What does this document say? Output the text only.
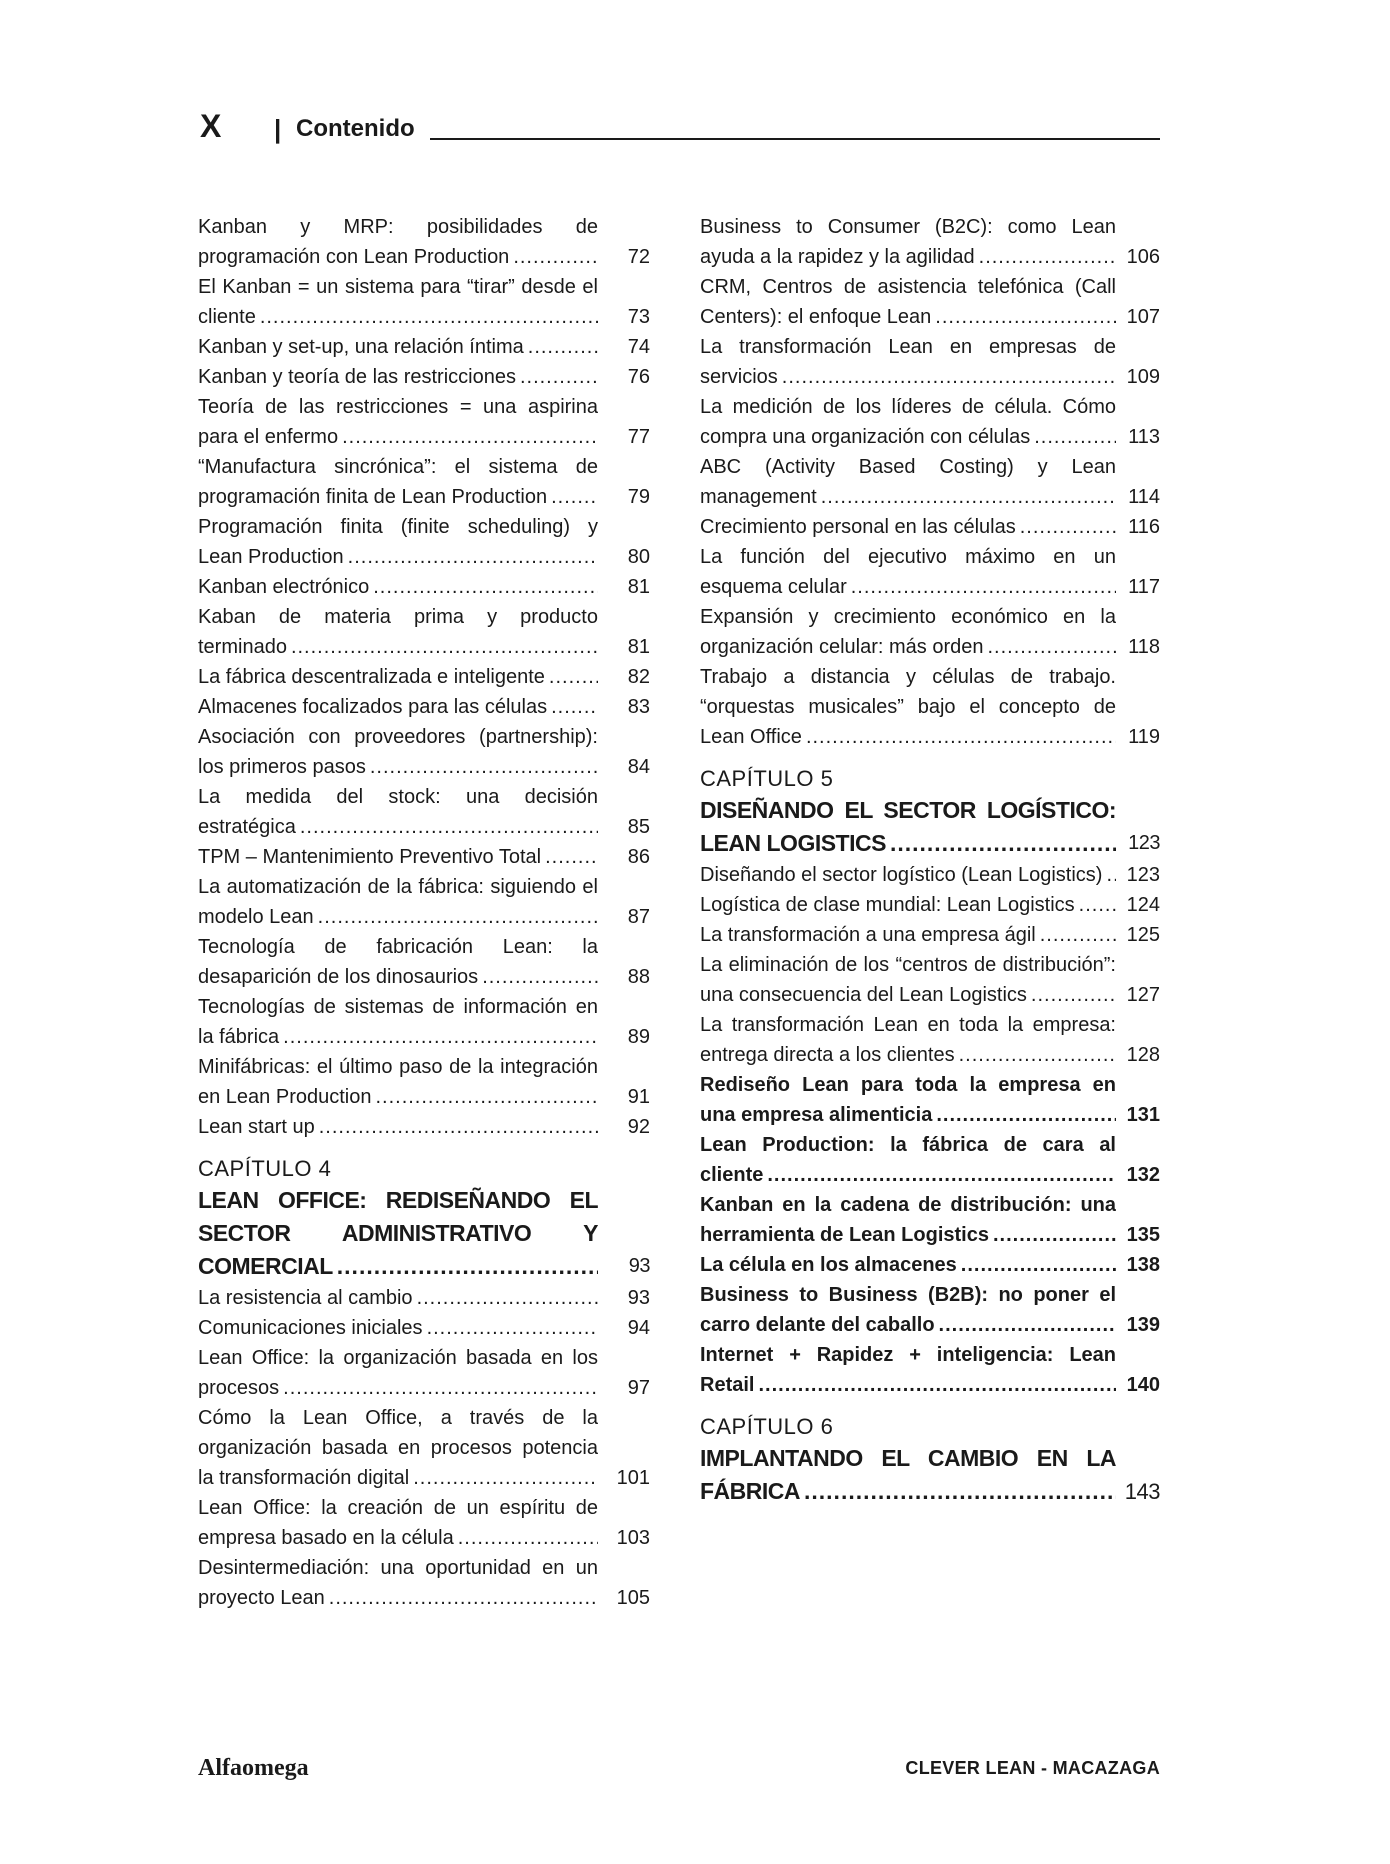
X | Contenido
Kanban y MRP: posibilidades de programación con Lean Production .....	72
El Kanban = un sistema para “tirar” desde el cliente .....	73
Kanban y set-up, una relación íntima .....	74
Kanban y teoría de las restricciones .....	76
Teoría de las restricciones = una aspirina para el enfermo .....	77
“Manufactura sincrónica”: el sistema de programación finita de Lean Production .....	79
Programación finita (finite scheduling) y Lean Production .....	80
Kanban electrónico .....	81
Kaban de materia prima y producto terminado .....	81
La fábrica descentralizada e inteligente .....	82
Almacenes focalizados para las células .....	83
Asociación con proveedores (partnership): los primeros pasos .....	84
La medida del stock: una decisión estratégica .....	85
TPM – Mantenimiento Preventivo Total .....	86
La automatización de la fábrica: siguiendo el modelo Lean .....	87
Tecnología de fabricación Lean: la desaparición de los dinosaurios .....	88
Tecnologías de sistemas de información en la fábrica .....	89
Minifábricas: el último paso de la integración en Lean Production .....	91
Lean start up .....	92
CAPÍTULO 4
LEAN OFFICE: REDISEÑANDO EL SECTOR ADMINISTRATIVO Y COMERCIAL .....	93
La resistencia al cambio .....	93
Comunicaciones iniciales .....	94
Lean Office: la organización basada en los procesos .....	97
Cómo la Lean Office, a través de la organización basada en procesos potencia la transformación digital .....	101
Lean Office: la creación de un espíritu de empresa basado en la célula .....	103
Desintermediación: una oportunidad en un proyecto Lean .....	105
Business to Consumer (B2C): como Lean ayuda a la rapidez y la agilidad .....	106
CRM, Centros de asistencia telefónica (Call Centers): el enfoque Lean .....	107
La transformación Lean en empresas de servicios .....	109
La medición de los líderes de célula. Cómo compra una organización con células .....	113
ABC (Activity Based Costing) y Lean management .....	114
Crecimiento personal en las células .....	116
La función del ejecutivo máximo en un esquema celular .....	117
Expansión y crecimiento económico en la organización celular: más orden .....	118
Trabajo a distancia y células de trabajo. “orquestas musicales” bajo el concepto de Lean Office .....	119
CAPÍTULO 5
DISEÑANDO EL SECTOR LOGÍSTICO: LEAN LOGISTICS .....	123
Diseñando el sector logístico (Lean Logistics) .....	123
Logística de clase mundial: Lean Logistics .....	124
La transformación a una empresa ágil .....	125
La eliminación de los “centros de distribución”: una consecuencia del Lean Logistics .....	127
La transformación Lean en toda la empresa: entrega directa a los clientes .....	128
Rediseño Lean para toda la empresa en una empresa alimenticia .....	131
Lean Production: la fábrica de cara al cliente .....	132
Kanban en la cadena de distribución: una herramienta de Lean Logistics .....	135
La célula en los almacenes .....	138
Business to Business (B2B): no poner el carro delante del caballo .....	139
Internet + Rapidez + inteligencia: Lean Retail .....	140
CAPÍTULO 6
IMPLANTANDO EL CAMBIO EN LA FÁBRICA .....	143
Alfaomega	CLEVER LEAN - MACAZAGA
